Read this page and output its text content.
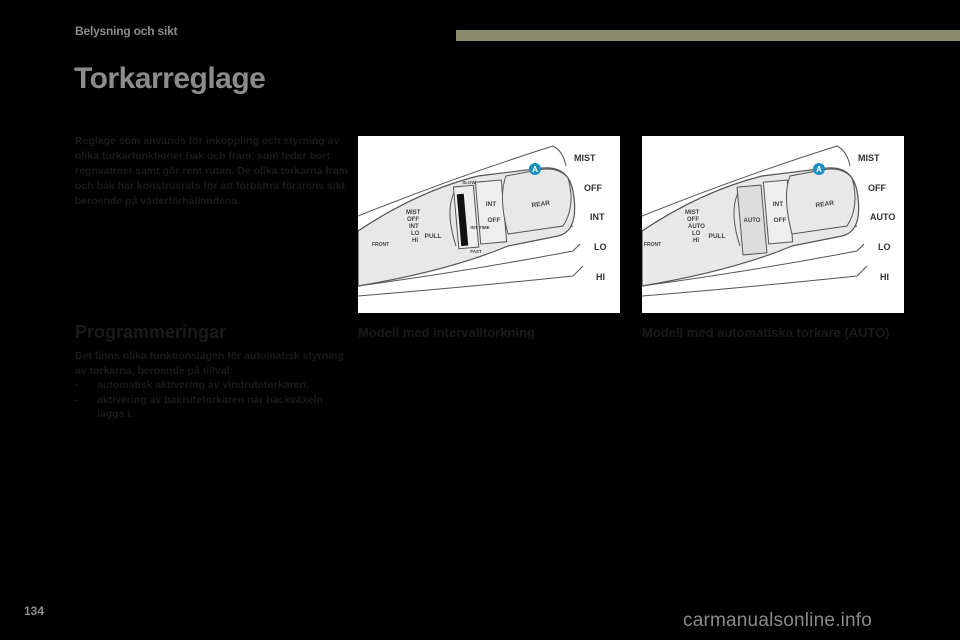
Belysning och sikt
Torkarreglage
Reglage som används för inkoppling och styrning av olika torkarfunktioner bak och fram, som leder bort regnvattnet samt gör rent rutan. De olika torkarna fram och bak har konstruerats för att förbättra förarens sikt beroende på väderförhållandena.
Programmeringar
Det finns olika funktionslägen för automatisk styrning av torkarna, beroende på tillval:
- automatisk aktivering av vindrutetorkaren,
- aktivering av bakrutetorkaren när backväxeln läggs i.
A
REAR
INT
OFF
SLOW
INT TIME
FAST
PULL
FRONT
MIST
OFF
INT
LO
HI
MIST
OFF
INT
LO
HI
A
REAR
INT
OFF
AUTO
PULL
FRONT
MIST
OFF
AUTO
LO
HI
MIST
OFF
AUTO
LO
HI
Modell med intervalltorkning	Modell med automatiska torkare (AUTO)
134	carmanualsonline.info
